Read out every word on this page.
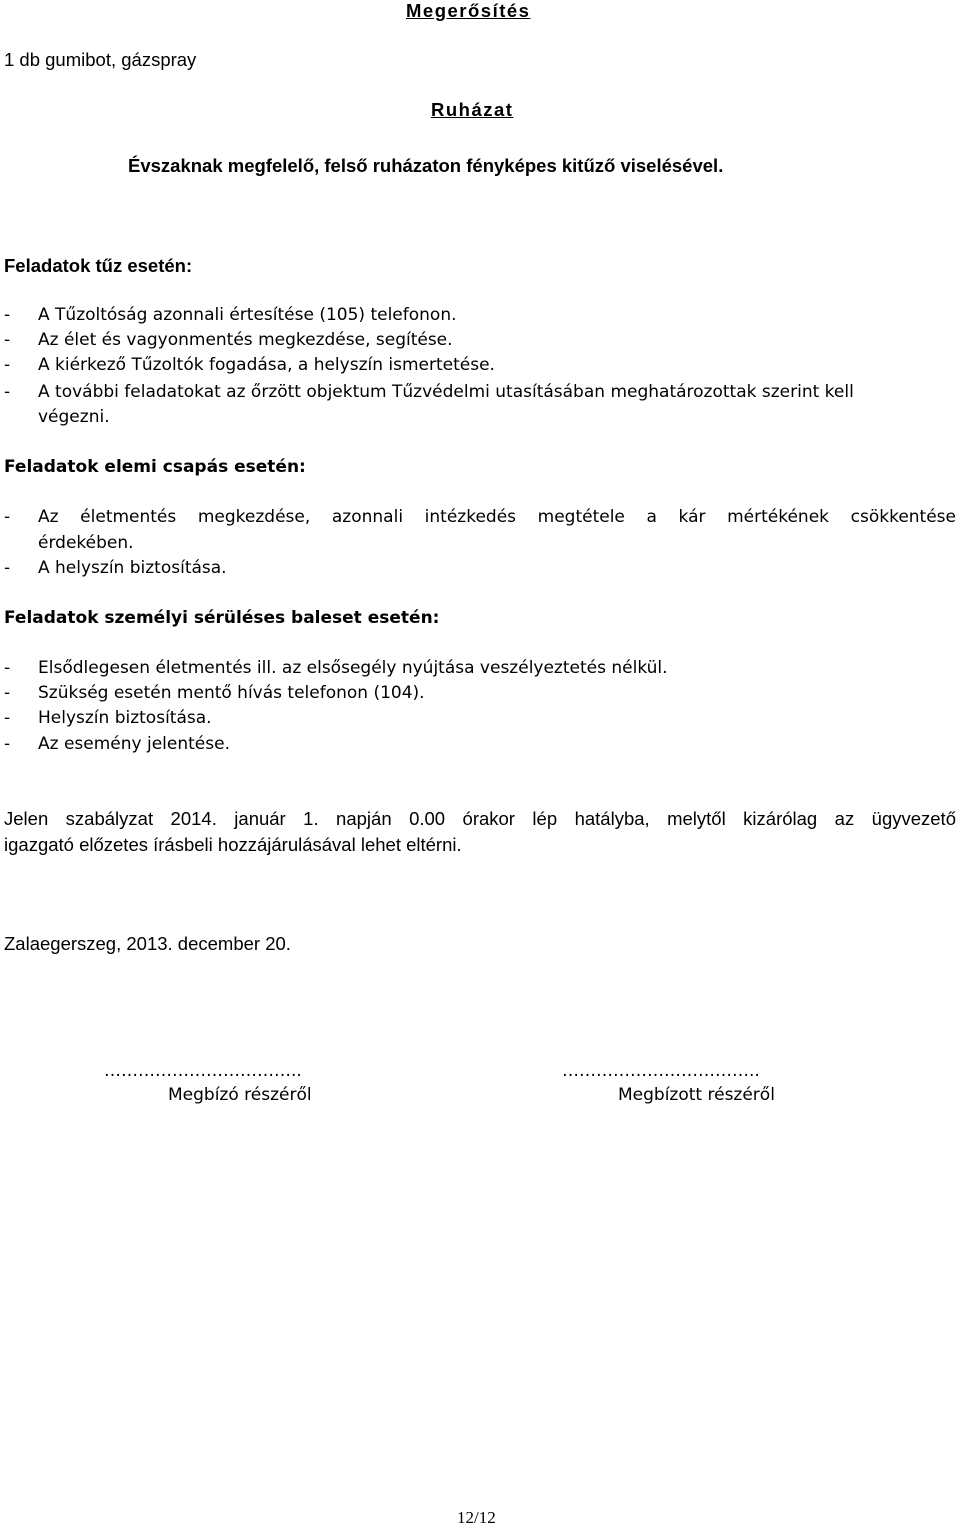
Megerősítés
1 db gumibot, gázspray
Ruházat
Évszaknak megfelelő, felső ruházaton fényképes kitűző viselésével.
Feladatok tűz esetén:
- A Tűzoltóság azonnali értesítése (105) telefonon.
- Az élet és vagyonmentés megkezdése, segítése.
- A kiérkező Tűzoltók fogadása, a helyszín ismertetése.
- A további feladatokat az őrzött objektum Tűzvédelmi utasításában meghatározottak szerint kell
végezni.
Feladatok elemi csapás esetén:
- Az életmentés megkezdése, azonnali intézkedés megtétele a kár mértékének csökkentése
érdekében.
- A helyszín biztosítása.
Feladatok személyi sérüléses baleset esetén:
- Elsődlegesen életmentés ill. az elsősegély nyújtása veszélyeztetés nélkül.
- Szükség esetén mentő hívás telefonon (104).
- Helyszín biztosítása.
- Az esemény jelentése.
Jelen szabályzat 2014. január 1. napján 0.00 órakor lép hatályba, melytől kizárólag az ügyvezető
igazgató előzetes írásbeli hozzájárulásával lehet eltérni.
Zalaegerszeg, 2013. december 20.
……………………………..
Megbízó részéről
……………………………..
Megbízott részéről
12/12
